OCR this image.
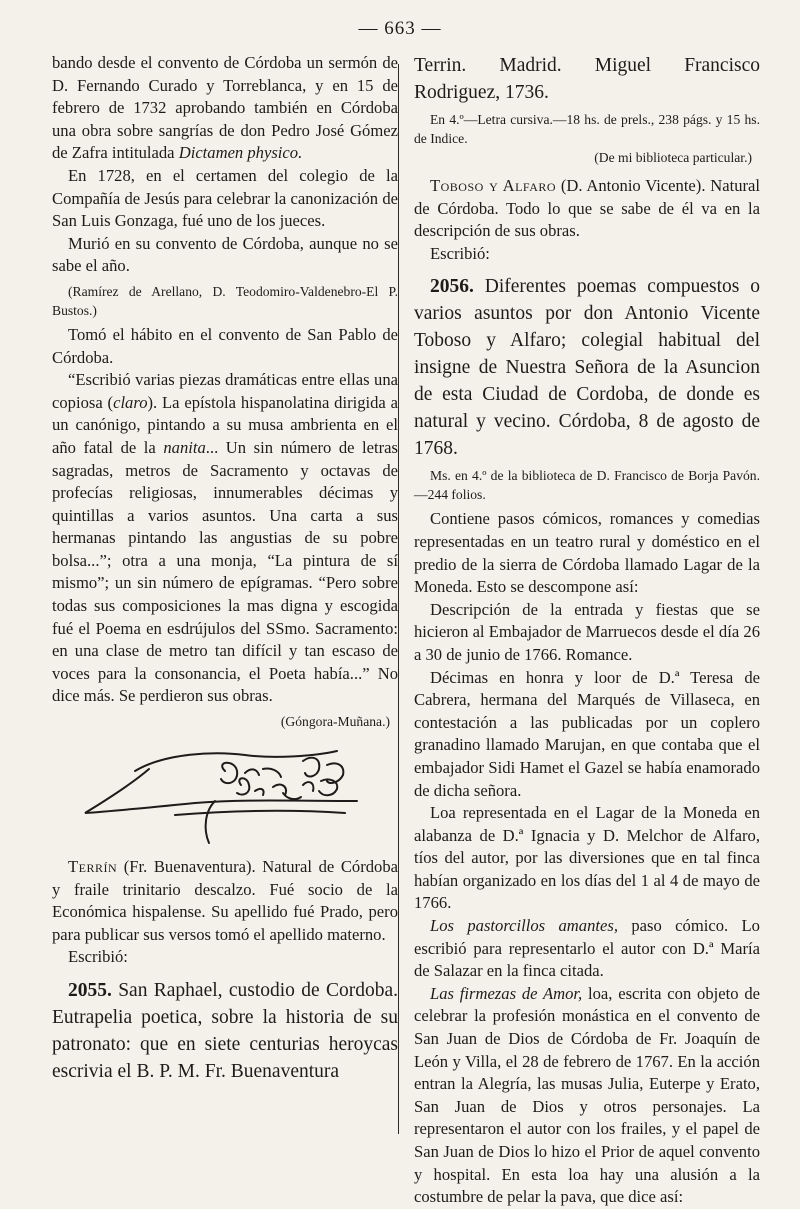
— 663 —

bando desde el convento de Córdoba un sermón de D. Fernando Curado y Torreblanca, y en 15 de febrero de 1732 aprobando también en Córdoba una obra sobre sangrías de don Pedro José Gómez de Zafra intitulada Dictamen physico.

En 1728, en el certamen del colegio de la Compañía de Jesús para celebrar la canonización de San Luis Gonzaga, fué uno de los jueces.

Murió en su convento de Córdoba, aunque no se sabe el año.

(Ramírez de Arellano, D. Teodomiro-Valdenebro-El P. Bustos.)

Tomó el hábito en el convento de San Pablo de Córdoba.

“Escribió varias piezas dramáticas entre ellas una copiosa (claro). La epístola hispanolatina dirigida a un canónigo, pintando a su musa ambrienta en el año fatal de la nanita... Un sin número de letras sagradas, metros de Sacramento y octavas de profecías religiosas, innumerables décimas y quintillas a varios asuntos. Una carta a sus hermanas pintando las angustias de su pobre bolsa...”; otra a una monja, “La pintura de sí mismo”; un sin número de epígramas. “Pero sobre todas sus composiciones la mas digna y escogida fué el Poema en esdrújulos del SSmo. Sacramento: en una clase de metro tan difícil y tan escaso de voces para la consonancia, el Poeta había...” No dice más. Se perdieron sus obras.

(Góngora-Muñana.)

Terrín (Fr. Buenaventura). Natural de Córdoba y fraile trinitario descalzo. Fué socio de la Económica hispalense. Su apellido fué Prado, pero para publicar sus versos tomó el apellido materno.

Escribió:

2055. San Raphael, custodio de Cordoba. Eutrapelia poetica, sobre la historia de su patronato: que en siete centurias heroycas escrivia el B. P. M. Fr. Buenaventura

Terrin. Madrid. Miguel Francisco Rodriguez, 1736.

En 4.º—Letra cursiva.—18 hs. de prels., 238 págs. y 15 hs. de Indice.

(De mi biblioteca particular.)

Toboso y Alfaro (D. Antonio Vicente). Natural de Córdoba. Todo lo que se sabe de él va en la descripción de sus obras.

Escribió:

2056. Diferentes poemas compuestos o varios asuntos por don Antonio Vicente Toboso y Alfaro; colegial habitual del insigne de Nuestra Señora de la Asuncion de esta Ciudad de Cordoba, de donde es natural y vecino. Córdoba, 8 de agosto de 1768.

Ms. en 4.º de la biblioteca de D. Francisco de Borja Pavón.—244 folios.

Contiene pasos cómicos, romances y comedias representadas en un teatro rural y doméstico en el predio de la sierra de Córdoba llamado Lagar de la Moneda. Esto se descompone así:

Descripción de la entrada y fiestas que se hicieron al Embajador de Marruecos desde el día 26 a 30 de junio de 1766. Romance.

Décimas en honra y loor de D.ª Teresa de Cabrera, hermana del Marqués de Villaseca, en contestación a las publicadas por un coplero granadino llamado Marujan, en que contaba que el embajador Sidi Hamet el Gazel se había enamorado de dicha señora.

Loa representada en el Lagar de la Moneda en alabanza de D.ª Ignacia y D. Melchor de Alfaro, tíos del autor, por las diversiones que en tal finca habían organizado en los días del 1 al 4 de mayo de 1766.

Los pastorcillos amantes, paso cómico. Lo escribió para representarlo el autor con D.ª María de Salazar en la finca citada.

Las firmezas de Amor, loa, escrita con objeto de celebrar la profesión monástica en el convento de San Juan de Dios de Córdoba de Fr. Joaquín de León y Villa, el 28 de febrero de 1767. En la acción entran la Alegría, las musas Julia, Euterpe y Erato, San Juan de Dios y otros personajes. La representaron el autor con los frailes, y el papel de San Juan de Dios lo hizo el Prior de aquel convento y hospital. En esta loa hay una alusión a la costumbre de pelar la pava, que dice así:
